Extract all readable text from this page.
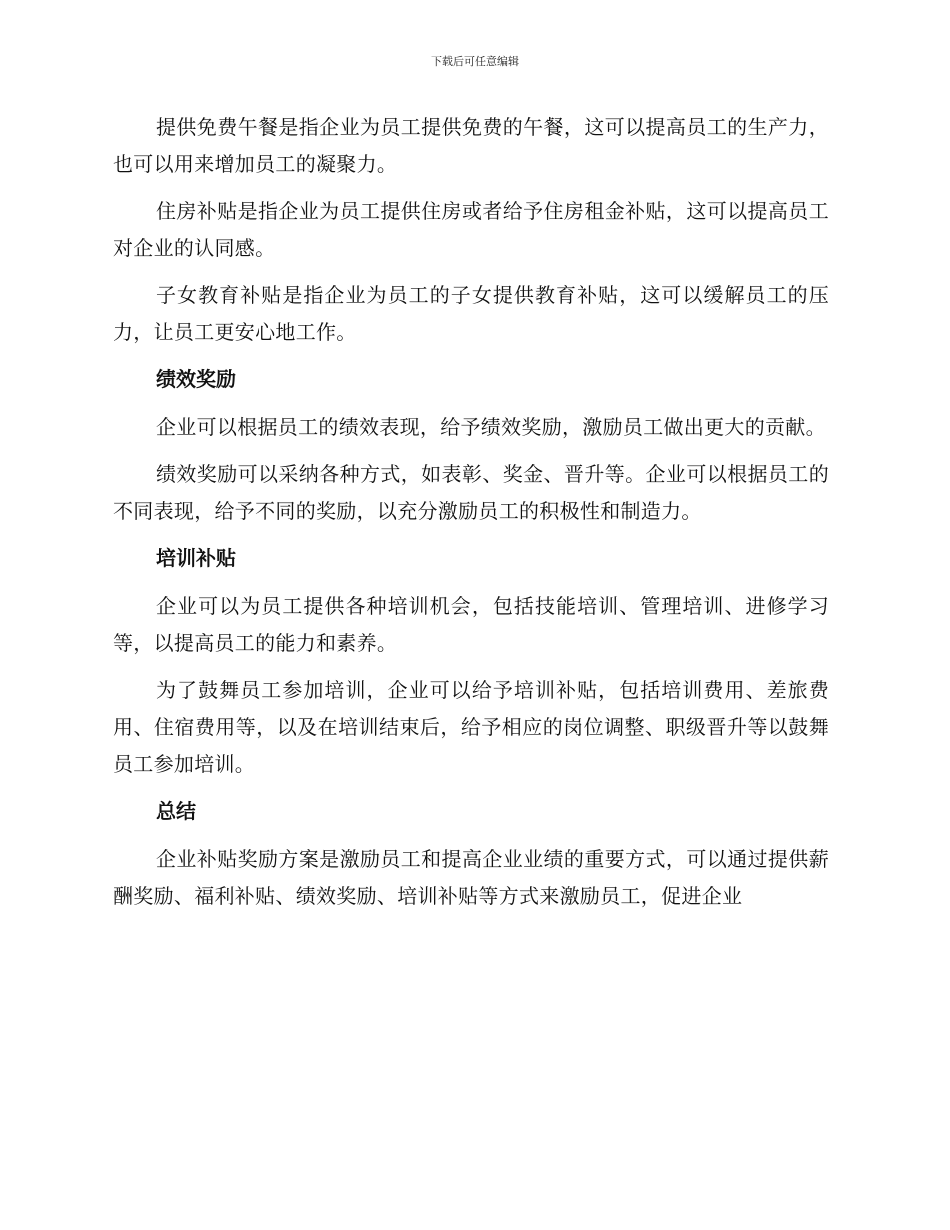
下载后可任意编辑

提供免费午餐是指企业为员工提供免费的午餐，这可以提高员工的生产力，也可以用来增加员工的凝聚力。

住房补贴是指企业为员工提供住房或者给予住房租金补贴，这可以提高员工对企业的认同感。

子女教育补贴是指企业为员工的子女提供教育补贴，这可以缓解员工的压力，让员工更安心地工作。

绩效奖励

企业可以根据员工的绩效表现，给予绩效奖励，激励员工做出更大的贡献。

绩效奖励可以采纳各种方式，如表彰、奖金、晋升等。企业可以根据员工的不同表现，给予不同的奖励，以充分激励员工的积极性和制造力。

培训补贴

企业可以为员工提供各种培训机会，包括技能培训、管理培训、进修学习等，以提高员工的能力和素养。

为了鼓舞员工参加培训，企业可以给予培训补贴，包括培训费用、差旅费用、住宿费用等，以及在培训结束后，给予相应的岗位调整、职级晋升等以鼓舞员工参加培训。

总结

企业补贴奖励方案是激励员工和提高企业业绩的重要方式，可以通过提供薪酬奖励、福利补贴、绩效奖励、培训补贴等方式来激励员工，促进企业
